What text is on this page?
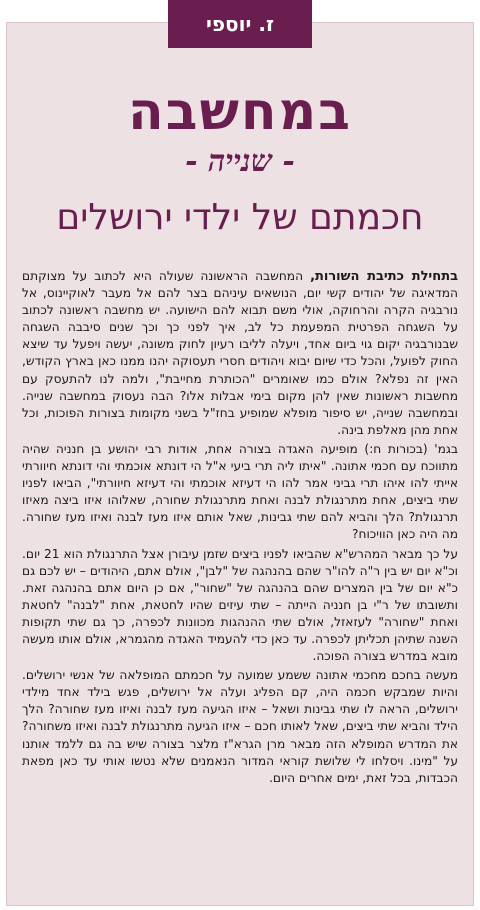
ז. יוספי
במחשבה
- שנייה -
חכמתם של ילדי ירושלים

בתחילת כתיבת השורות, המחשבה הראשונה שעולה היא לכתוב על מצוקתם המדאיגה של יהודים קשי יום, הנושאים עיניהם בצר להם אל מעבר לאוקיינוס, אל נורבגיה הקרה והרחוקה, אולי משם תבוא להם הישועה. יש מחשבה ראשונה לכתוב על השגחה הפרטית המפעמת כל לב, איך לפני כך וכך שנים סיבבה השגחה שבנורבגיה יקום גוי ביום אחד, ויעלה לליבו רעיון לחוק משונה, יעשה ויפעל עד שיצא החוק לפועל, והכל כדי שיום יבוא ויהודים חסרי תעסוקה יהנו ממנו כאן בארץ הקודש, האין זה נפלא? אולם כמו שאומרים "הכותרת מחייבת", ולמה לנו להתעסק עם מחשבות ראשונות שאין להן מקום בימי אבלות אלו? הבה נעסוק במחשבה שנייה. ובמחשבה שנייה, יש סיפור מופלא שמופיע בחז"ל בשני מקומות בצורות הפוכות, וכל אחת מהן מאלפת בינה.

בגמ' (בכורות ח:) מופיעה האגדה בצורה אחת, אודות רבי יהושע בן חנניה שהיה מתווכח עם חכמי אתונה. "איתו ליה תרי ביעי א"ל הי דונתא אוכמתי והי דונתא חיוורתי אייתי להו איהו תרי גביני אמר להו הי דעיזא אוכמתי והי דעיזא חיוורתי", הביאו לפניו שתי ביצים, אחת מתרנגולת לבנה ואחת מתרנגולת שחורה, שאלוהו איזו ביצה מאיזו תרנגולת? הלך והביא להם שתי גבינות, שאל אותם איזו מעז לבנה ואיזו מעז שחורה. מה היה כאן הוויכוח?

על כך מבאר המהרש"א שהביאו לפניו ביצים שזמן עיבורן אצל התרנגולת הוא 21 יום. וכ"א יום יש בין ר"ה להו"ר שהם בהנהגה של "לבן", אולם אתם, היהודים – יש לכם גם כ"א יום של בין המצרים שהם בהנהגה של "שחור", אם כן היום אתם בהנהגה זאת. ותשובתו של ר"י בן חנניה הייתה – שתי עיזים שהיו לחטאת, אחת "לבנה" לחטאת ואחת "שחורה" לעזאזל, אולם שתי ההנהגות מכוונות לכפרה, כך גם שתי תקופות השנה שתיהן תכליתן לכפרה. עד כאן כדי להעמיד האגדה מהגמרא, אולם אותו מעשה מובא במדרש בצורה הפוכה.

מעשה בחכם מחכמי אתונה ששמע שמועה על חכמתם המופלאה של אנשי ירושלים. והיות שמבקש חכמה היה, קם הפליג ועלה אל ירושלים, פגש בילד אחד מילדי ירושלים, הראה לו שתי גבינות ושאל – איזו הגיעה מעז לבנה ואיזו מעז שחורה? הלך הילד והביא שתי ביצים, שאל לאותו חכם – איזו הגיעה מתרנגולת לבנה ואיזו משחורה? את המדרש המופלא הזה מבאר מרן הגרא"ז מלצר בצורה שיש בה גם ללמד אותנו על "מינו. ויסלחו לי שלושת קוראי המדור הנאמנים שלא נטשו אותי עד כאן מפאת הכבדות, בכל זאת, ימים אחרים היום.
